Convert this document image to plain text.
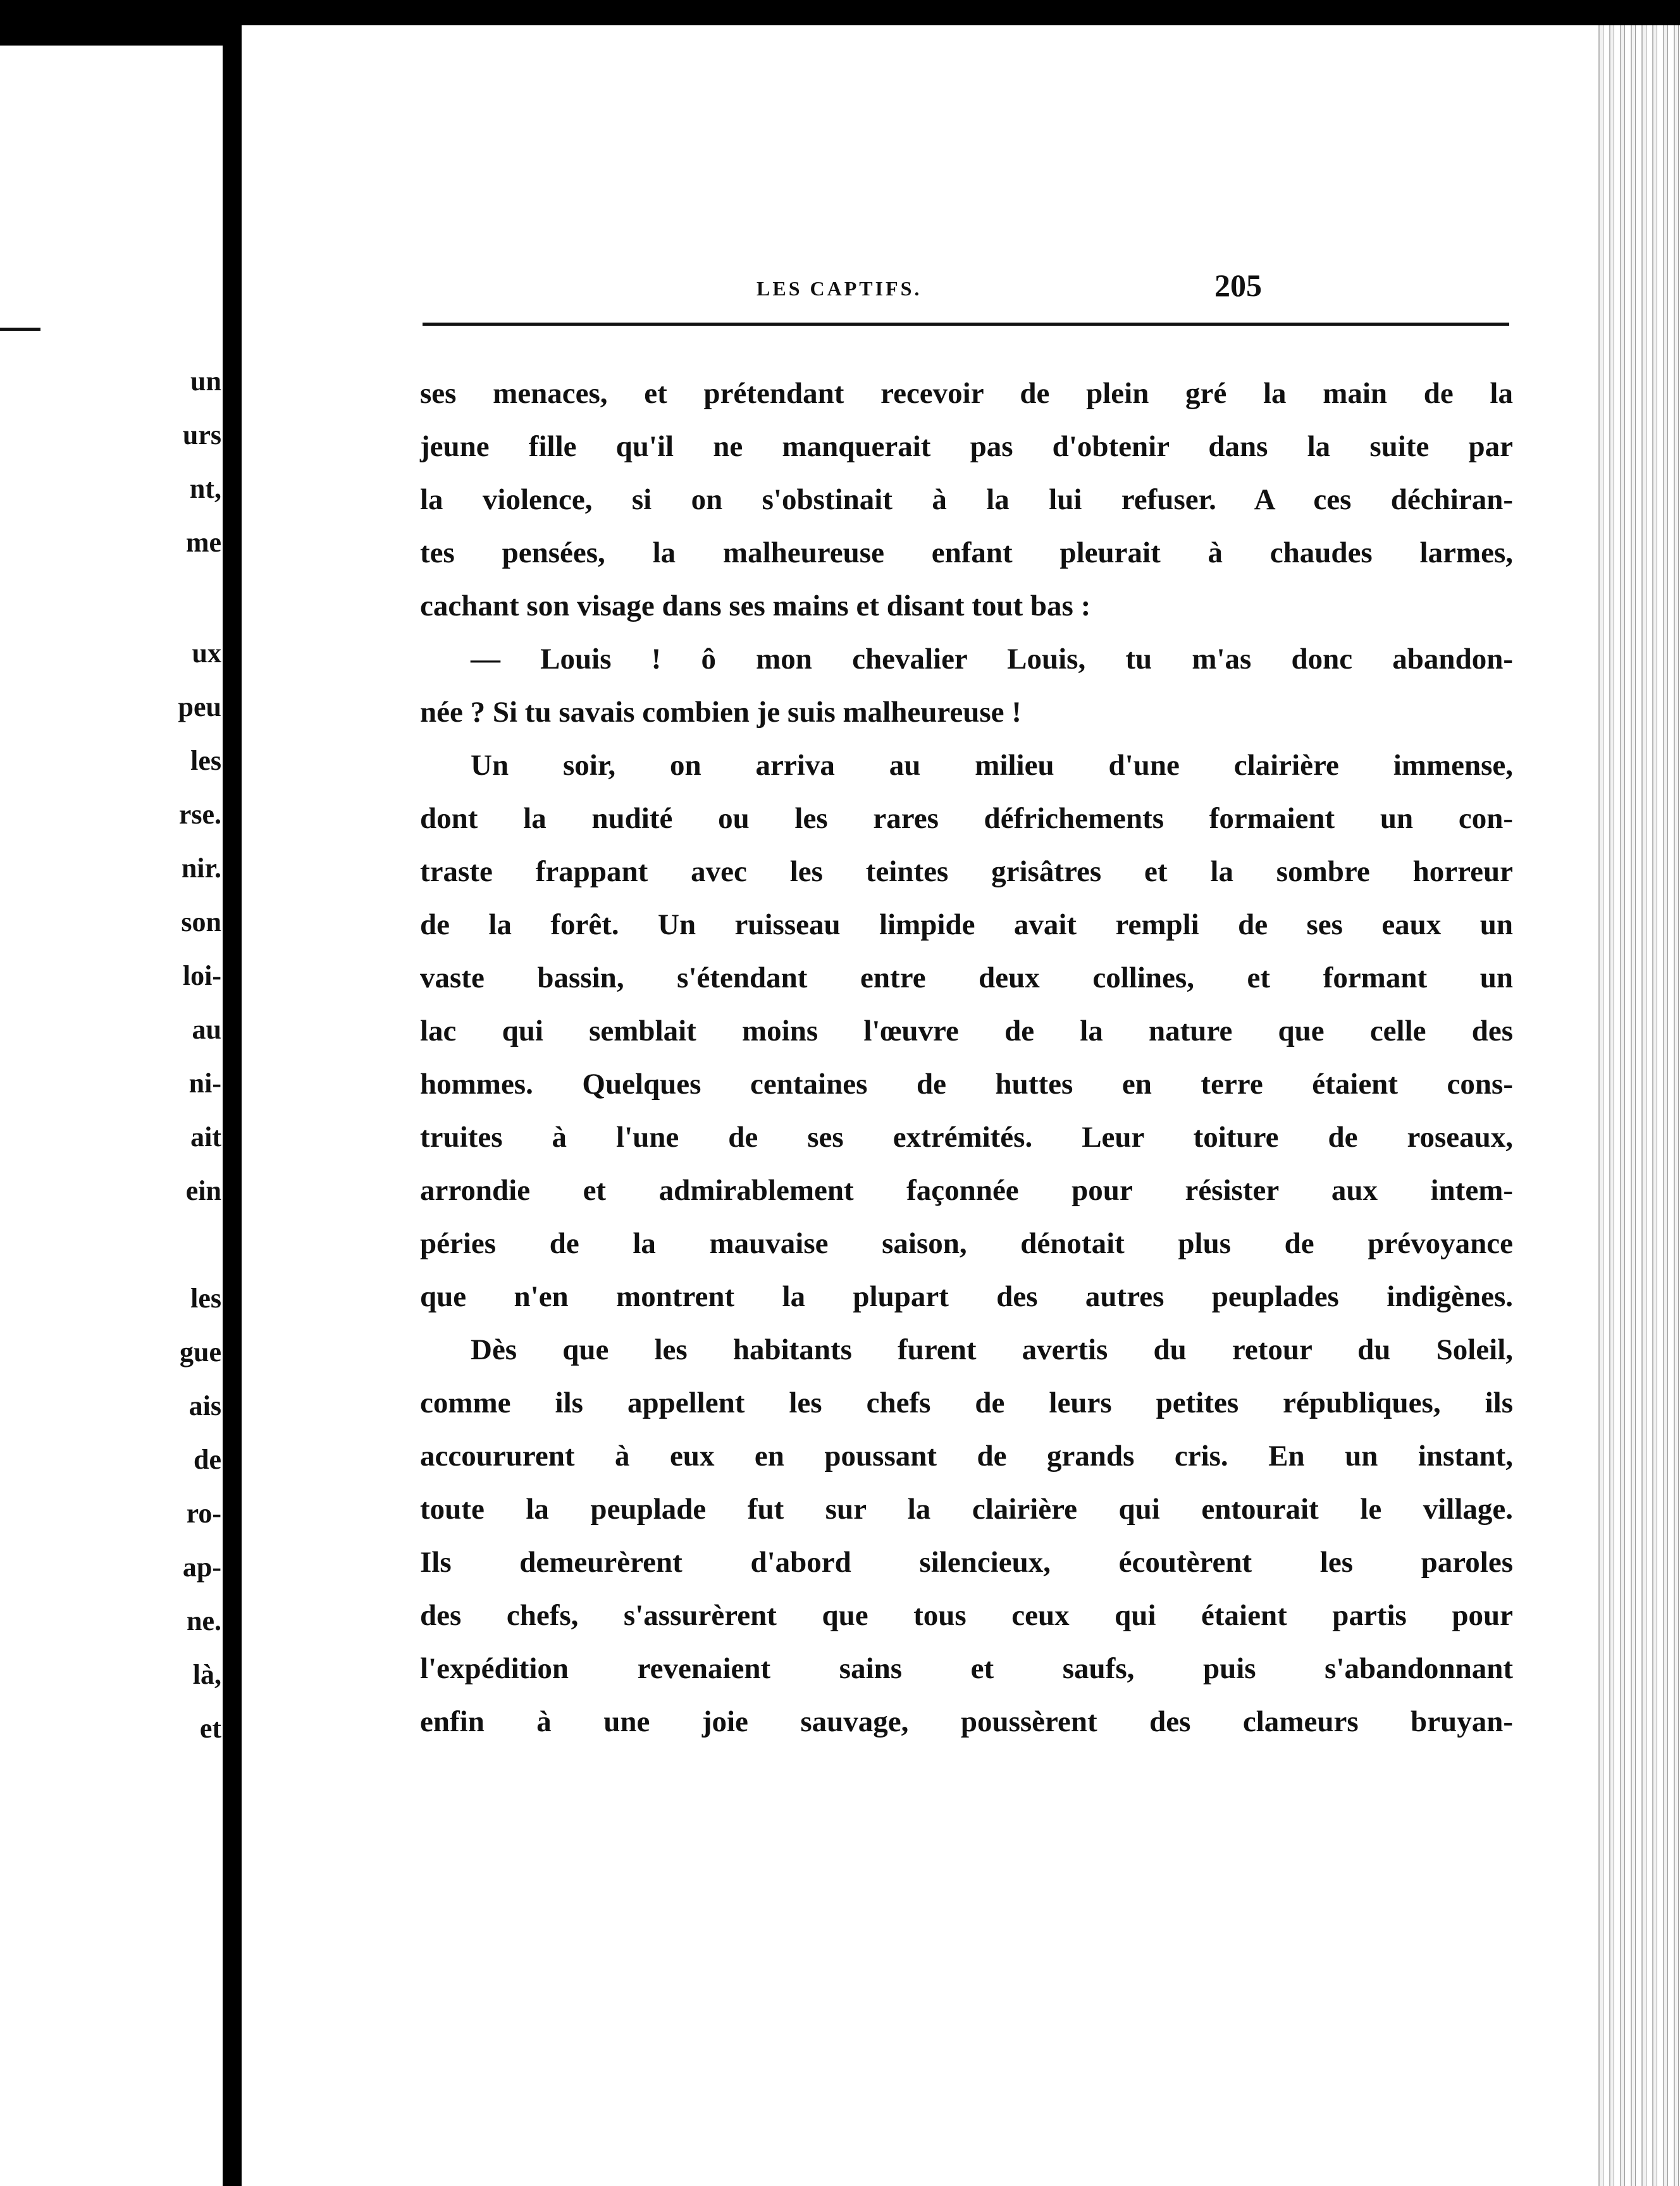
un
urs
nt,
me
ux
peu
les
rse.
nir.
son
loi-
au
ni-
ait
ein
les
gue
ais
de
ro-
ap-
ne.
là,
et
LES CAPTIFS.	205
ses menaces, et prétendant recevoir de plein gré la main de la
jeune fille qu'il ne manquerait pas d'obtenir dans la suite par
la violence, si on s'obstinait à la lui refuser. A ces déchiran-
tes pensées, la malheureuse enfant pleurait à chaudes larmes,
cachant son visage dans ses mains et disant tout bas :
— Louis ! ô mon chevalier Louis, tu m'as donc abandon-
née ? Si tu savais combien je suis malheureuse !
Un soir, on arriva au milieu d'une clairière immense,
dont la nudité ou les rares défrichements formaient un con-
traste frappant avec les teintes grisâtres et la sombre horreur
de la forêt. Un ruisseau limpide avait rempli de ses eaux un
vaste bassin, s'étendant entre deux collines, et formant un
lac qui semblait moins l'œuvre de la nature que celle des
hommes. Quelques centaines de huttes en terre étaient cons-
truites à l'une de ses extrémités. Leur toiture de roseaux,
arrondie et admirablement façonnée pour résister aux intem-
péries de la mauvaise saison, dénotait plus de prévoyance
que n'en montrent la plupart des autres peuplades indigènes.
Dès que les habitants furent avertis du retour du Soleil,
comme ils appellent les chefs de leurs petites républiques, ils
accoururent à eux en poussant de grands cris. En un instant,
toute la peuplade fut sur la clairière qui entourait le village.
Ils demeurèrent d'abord silencieux, écoutèrent les paroles
des chefs, s'assurèrent que tous ceux qui étaient partis pour
l'expédition revenaient sains et saufs, puis s'abandonnant
enfin à une joie sauvage, poussèrent des clameurs bruyan-
